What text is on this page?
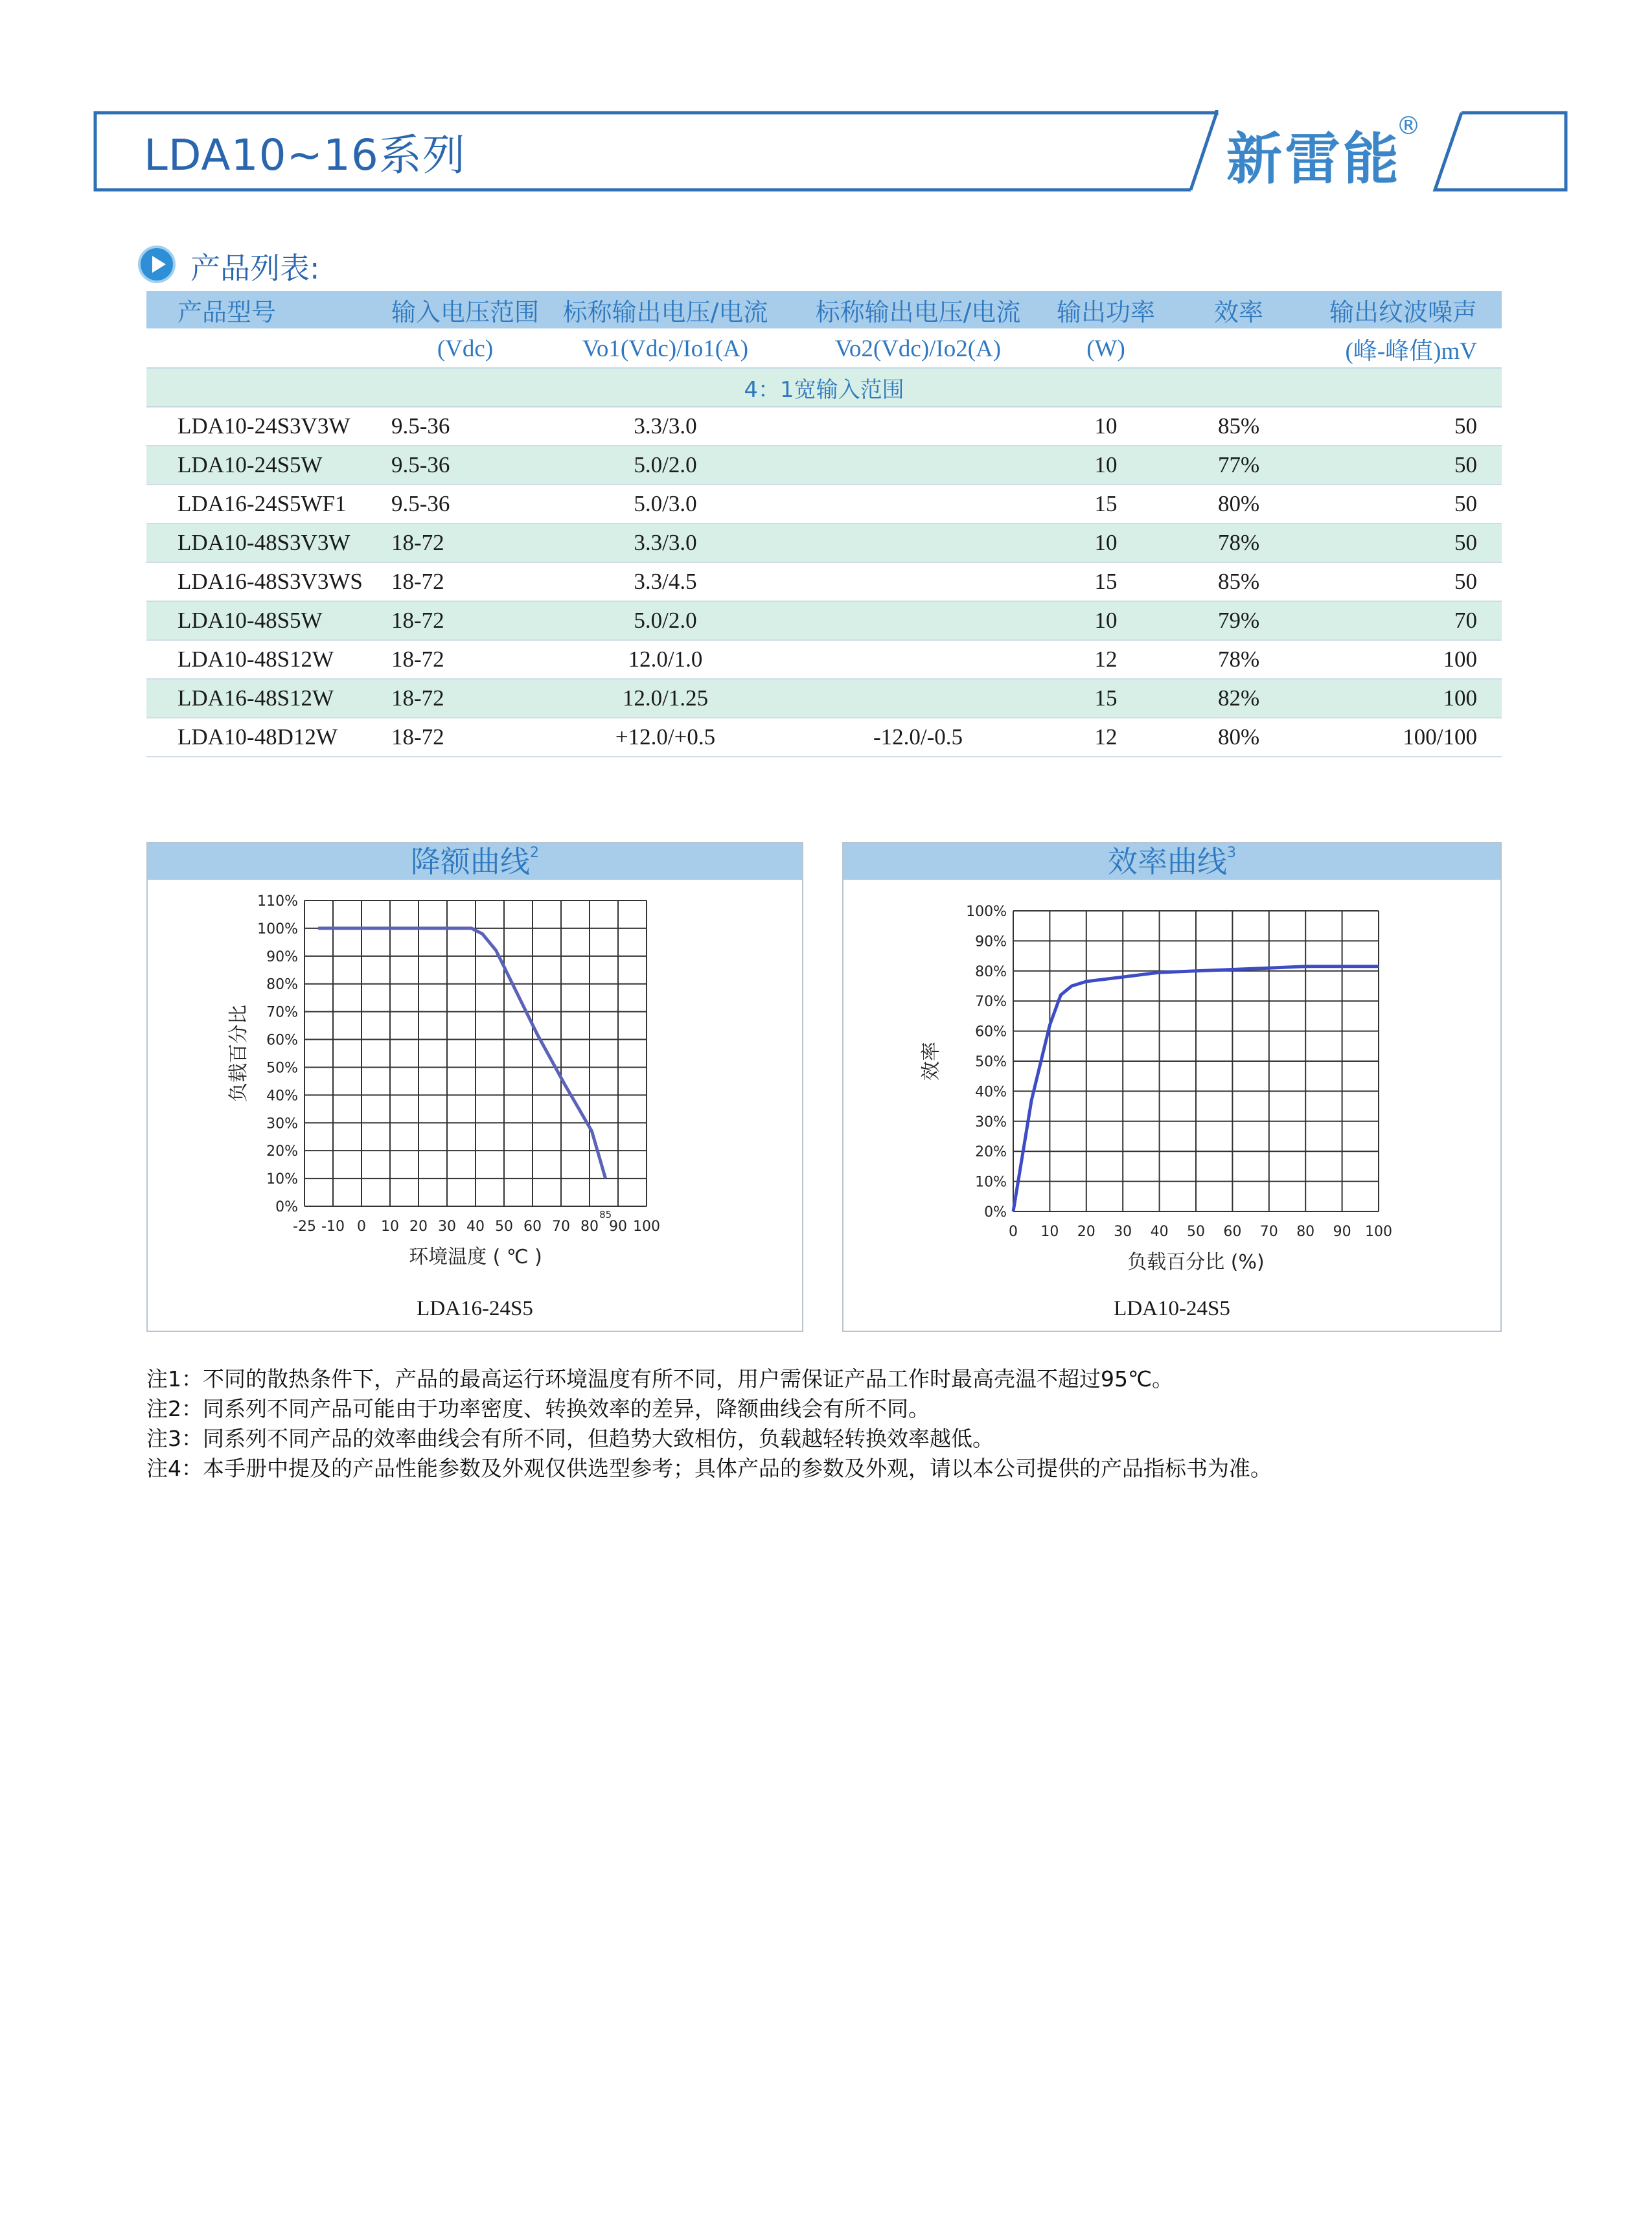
LDA10~16系列	新雷能
®
产品列表:
产品型号	输入电压范围	标称输出电压/电流	标称输出电压/电流	输出功率	效率	输出纹波噪声
	(Vdc)	Vo1(Vdc)/Io1(A)	Vo2(Vdc)/Io2(A)	(W)		(峰-峰值)mV
4：1宽输入范围						
LDA10-24S3V3W	9.5-36	3.3/3.0		10	85%	50
LDA10-24S5W	9.5-36	5.0/2.0		10	77%	50
LDA16-24S5WF1	9.5-36	5.0/3.0		15	80%	50
LDA10-48S3V3W	18-72	3.3/3.0		10	78%	50
LDA16-48S3V3WS	18-72	3.3/4.5		15	85%	50
LDA10-48S5W	18-72	5.0/2.0		10	79%	70
LDA10-48S12W	18-72	12.0/1.0		12	78%	100
LDA16-48S12W	18-72	12.0/1.25		15	82%	100
LDA10-48D12W	18-72	+12.0/+0.5	-12.0/-0.5	12	80%	100/100
降额曲线$^2$
-25 -10 0 10 20 30 40 50 60 70 80 90 100
0%
10%
20%
30%
40%
50%
60%
70%
80%
90%
100%
110%
环境温度 ( ℃ )
负载百分比
85
LDA16-24S5
效率曲线$^3$
0 10 20 30 40 50 60 70 80 90 100
0%
10%
20%
30%
40%
50%
60%
70%
80%
90%
100%
负载百分比 (%)
效率
LDA10-24S5
注1：不同的散热条件下，产品的最高运行环境温度有所不同，用户需保证产品工作时最高壳温不超过95℃。
注2：同系列不同产品可能由于功率密度、转换效率的差异，降额曲线会有所不同。
注3：同系列不同产品的效率曲线会有所不同，但趋势大致相仿，负载越轻转换效率越低。
注4：本手册中提及的产品性能参数及外观仅供选型参考；具体产品的参数及外观，请以本公司提供的产品指标书为准。
